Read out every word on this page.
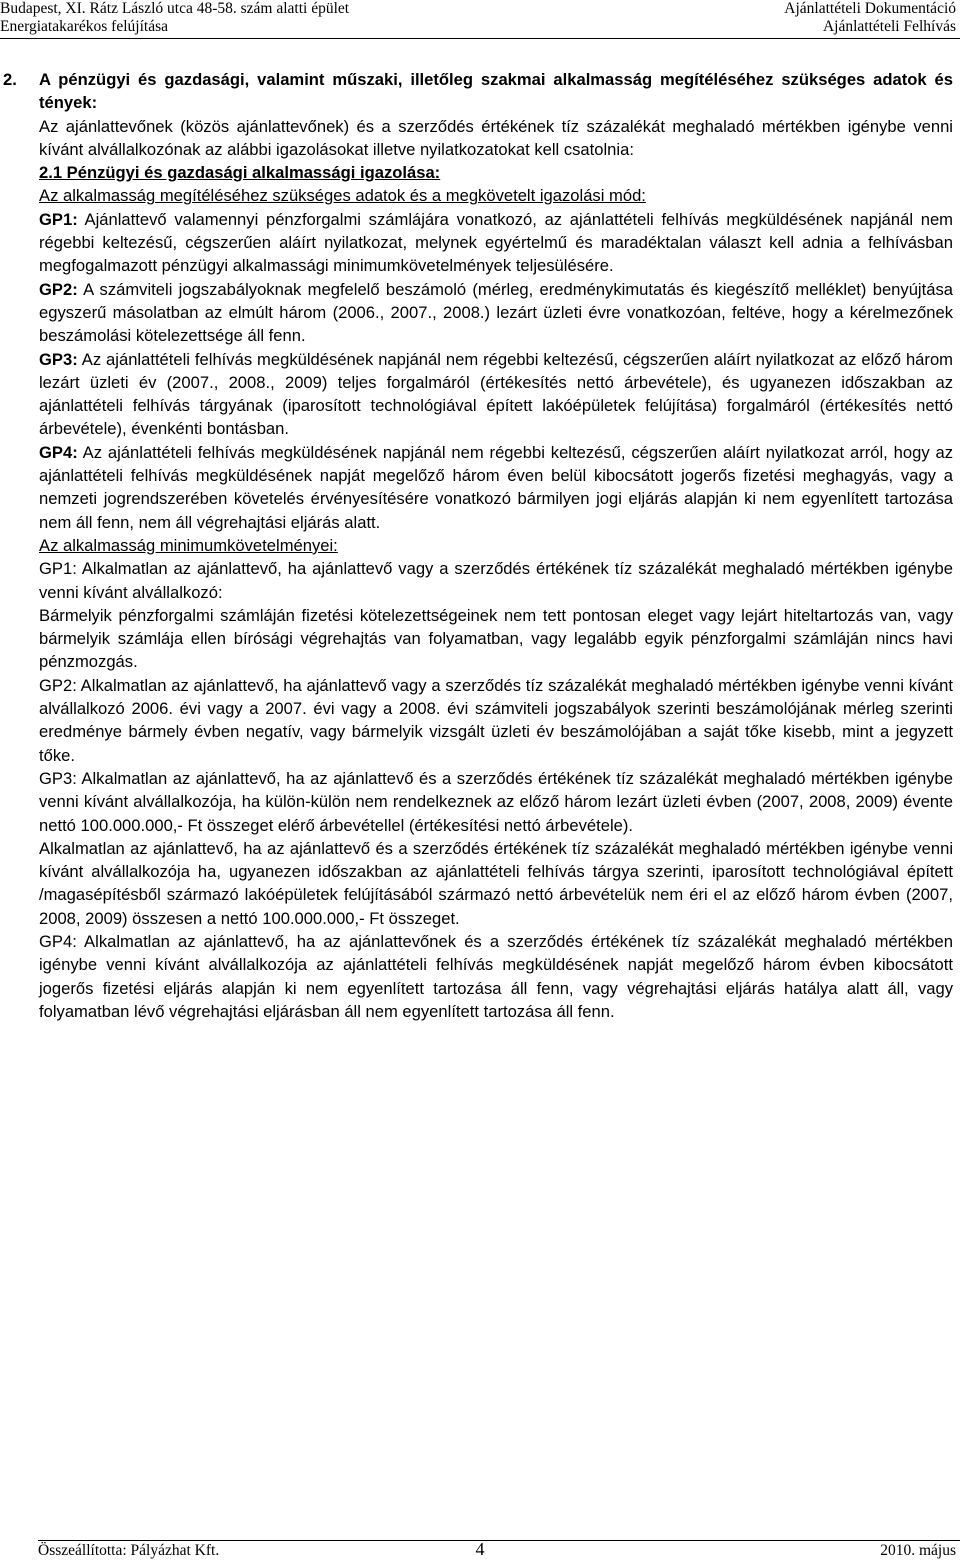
Budapest, XI. Rátz László utca 48-58. szám alatti épület
Energiatakarékos felújítása
Ajánlattételi Dokumentáció
Ajánlattételi Felhívás

2. A pénzügyi és gazdasági, valamint műszaki, illetőleg szakmai alkalmasság megítéléséhez szükséges adatok és tények:

Az ajánlattevőnek (közös ajánlattevőnek) és a szerződés értékének tíz százalékát meghaladó mértékben igénybe venni kívánt alvállalkozónak az alábbi igazolásokat illetve nyilatkozatokat kell csatolnia:

2.1 Pénzügyi és gazdasági alkalmassági igazolása:

Az alkalmasság megítéléséhez szükséges adatok és a megkövetelt igazolási mód:

GP1: Ajánlattevő valamennyi pénzforgalmi számlájára vonatkozó, az ajánlattételi felhívás megküldésének napjánál nem régebbi keltezésű, cégszerűen aláírt nyilatkozat, melynek egyértelmű és maradéktalan választ kell adnia a felhívásban megfogalmazott pénzügyi alkalmassági minimumkövetelmények teljesülésére.

GP2: A számviteli jogszabályoknak megfelelő beszámoló (mérleg, eredménykimutatás és kiegészítő melléklet) benyújtása egyszerű másolatban az elmúlt három (2006., 2007., 2008.) lezárt üzleti évre vonatkozóan, feltéve, hogy a kérelmezőnek beszámolási kötelezettsége áll fenn.

GP3: Az ajánlattételi felhívás megküldésének napjánál nem régebbi keltezésű, cégszerűen aláírt nyilatkozat az előző három lezárt üzleti év (2007., 2008., 2009) teljes forgalmáról (értékesítés nettó árbevétele), és ugyanezen időszakban az ajánlattételi felhívás tárgyának (iparosított technológiával épített lakóépületek felújítása) forgalmáról (értékesítés nettó árbevétele), évenkénti bontásban.

GP4: Az ajánlattételi felhívás megküldésének napjánál nem régebbi keltezésű, cégszerűen aláírt nyilatkozat arról, hogy az ajánlattételi felhívás megküldésének napját megelőző három éven belül kibocsátott jogerős fizetési meghagyás, vagy a nemzeti jogrendszerében követelés érvényesítésére vonatkozó bármilyen jogi eljárás alapján ki nem egyenlített tartozása nem áll fenn, nem áll végrehajtási eljárás alatt.

Az alkalmasság minimumkövetelményei:

GP1: Alkalmatlan az ajánlattevő, ha ajánlattevő vagy a szerződés értékének tíz százalékát meghaladó mértékben igénybe venni kívánt alvállalkozó:

Bármelyik pénzforgalmi számláján fizetési kötelezettségeinek nem tett pontosan eleget vagy lejárt hiteltartozás van, vagy bármelyik számlája ellen bírósági végrehajtás van folyamatban, vagy legalább egyik pénzforgalmi számláján nincs havi pénzmozgás.

GP2: Alkalmatlan az ajánlattevő, ha ajánlattevő vagy a szerződés tíz százalékát meghaladó mértékben igénybe venni kívánt alvállalkozó 2006. évi vagy a 2007. évi vagy a 2008. évi számviteli jogszabályok szerinti beszámolójának mérleg szerinti eredménye bármely évben negatív, vagy bármelyik vizsgált üzleti év beszámolójában a saját tőke kisebb, mint a jegyzett tőke.

GP3: Alkalmatlan az ajánlattevő, ha az ajánlattevő és a szerződés értékének tíz százalékát meghaladó mértékben igénybe venni kívánt alvállalkozója, ha külön-külön nem rendelkeznek az előző három lezárt üzleti évben (2007, 2008, 2009) évente nettó 100.000.000,- Ft összeget elérő árbevétellel (értékesítési nettó árbevétele).

Alkalmatlan az ajánlattevő, ha az ajánlattevő és a szerződés értékének tíz százalékát meghaladó mértékben igénybe venni kívánt alvállalkozója ha, ugyanezen időszakban az ajánlattételi felhívás tárgya szerinti, iparosított technológiával épített /magasépítésből származó lakóépületek felújításából származó nettó árbevételük nem éri el az előző három évben (2007, 2008, 2009) összesen a nettó 100.000.000,- Ft összeget.

GP4: Alkalmatlan az ajánlattevő, ha az ajánlattevőnek és a szerződés értékének tíz százalékát meghaladó mértékben igénybe venni kívánt alvállalkozója az ajánlattételi felhívás megküldésének napját megelőző három évben kibocsátott jogerős fizetési eljárás alapján ki nem egyenlített tartozása áll fenn, vagy végrehajtási eljárás hatálya alatt áll, vagy folyamatban lévő végrehajtási eljárásban áll nem egyenlített tartozása áll fenn.

Összeállította: Pályázhat Kft.	4	2010. május
